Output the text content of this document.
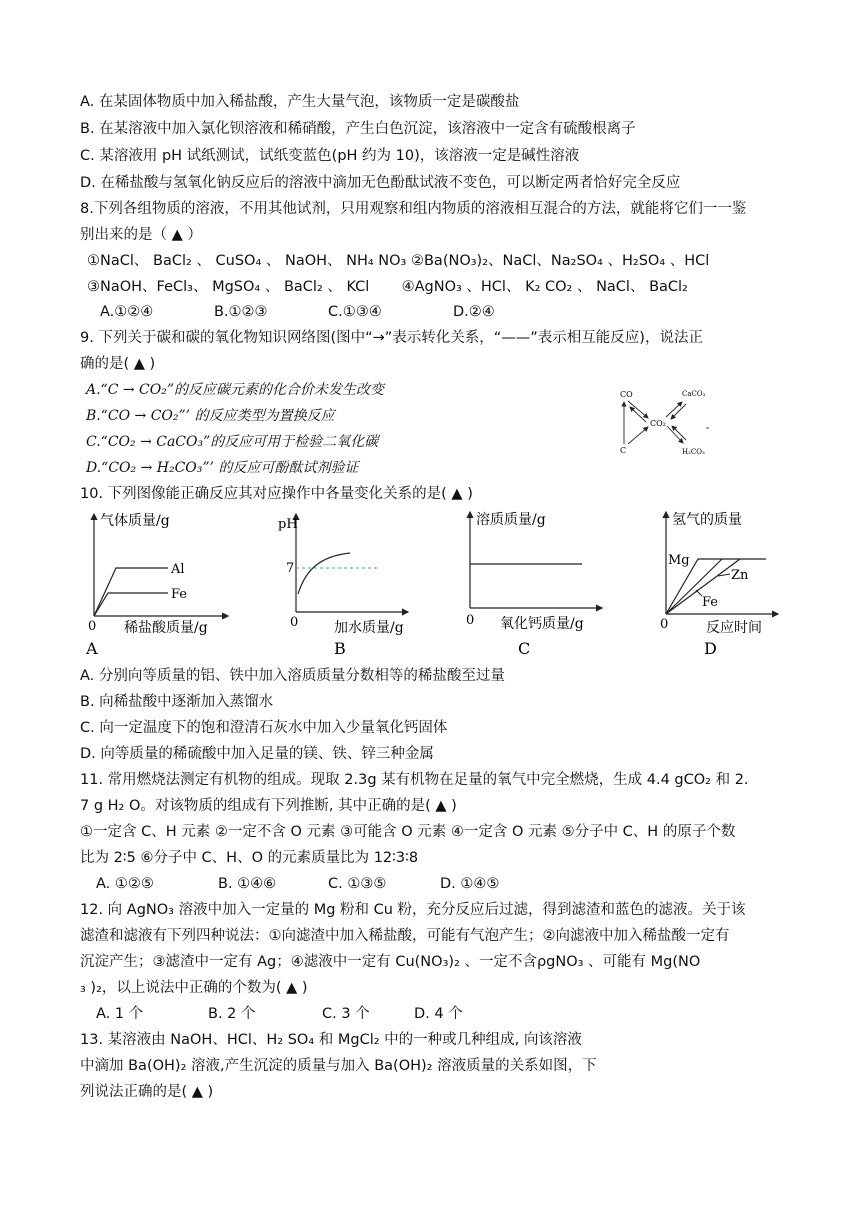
A. 在某固体物质中加入稀盐酸，产生大量气泡，该物质一定是碳酸盐
B. 在某溶液中加入氯化钡溶液和稀硝酸，产生白色沉淀，该溶液中一定含有硫酸根离子
C. 某溶液用 pH 试纸测试，试纸变蓝色(pH 约为 10)，该溶液一定是碱性溶液
D. 在稀盐酸与氢氧化钠反应后的溶液中滴加无色酚酞试液不变色，可以断定两者恰好完全反应
8.下列各组物质的溶液，不用其他试剂，只用观察和组内物质的溶液相互混合的方法，就能将它们一一鉴
别出来的是（ ▲ ）
①NaCl、 BaCl₂ 、 CuSO₄ 、 NaOH、 NH₄ NO₃ ②Ba(NO₃)₂、NaCl、Na₂SO₄ 、H₂SO₄ 、HCl
③NaOH、FeCl₃、 MgSO₄ 、 BaCl₂ 、 KCl       ④AgNO₃ 、HCl、 K₂ CO₂ 、 NaCl、 BaCl₂
A.①②④	B.①②③	C.①③④	D.②④
9. 下列关于碳和碳的氧化物知识网络图(图中“→”表示转化关系，“——”表示相互能反应)，说法正
确的是( ▲ )
A.“C → CO₂”的反应碳元素的化合价未发生改变
B.“CO → CO₂”’ 的反应类型为置换反应
C.“CO₂ → CaCO₃”的反应可用于检验二氧化碳
D.“CO₂ → H₂CO₃”’ 的反应可酚酞试剂验证
CO	CaCO₃
CO₂
C	H₂CO₃
10. 下列图像能正确反应其对应操作中各量变化关系的是( ▲ )
气体质量/g
Al
Fe
0 稀盐酸质量/g
A
pH
7
0	加水质量/g
B
溶质质量/g
0 氧化钙质量/g
C
氢气的质量
Mg
Zn
Fe
0	反应时间
D
A. 分别向等质量的铝、铁中加入溶质质量分数相等的稀盐酸至过量
B. 向稀盐酸中逐渐加入蒸馏水
C. 向一定温度下的饱和澄清石灰水中加入少量氧化钙固体
D. 向等质量的稀硫酸中加入足量的镁、铁、锌三种金属
11. 常用燃烧法测定有机物的组成。现取 2.3g 某有机物在足量的氧气中完全燃烧，生成 4.4 gCO₂ 和 2.
7 g H₂ O。对该物质的组成有下列推断, 其中正确的是( ▲ )
①一定含 C、H 元素 ②一定不含 O 元素 ③可能含 O 元素 ④一定含 O 元素 ⑤分子中 C、H 的原子个数
比为 2∶5 ⑥分子中 C、H、O 的元素质量比为 12∶3∶8
A. ①②⑤	B. ①④⑥	C. ①③⑤	D. ①④⑤
12. 向 AgNO₃ 溶液中加入一定量的 Mg 粉和 Cu 粉，充分反应后过滤，得到滤渣和蓝色的滤液。关于该
滤渣和滤液有下列四种说法：①向滤渣中加入稀盐酸，可能有气泡产生；②向滤液中加入稀盐酸一定有
沉淀产生；③滤渣中一定有 Ag；④滤液中一定有 Cu(NO₃)₂ 、一定不含ρgNO₃ 、可能有 Mg(NO
₃ )₂，以上说法中正确的个数为( ▲ )
A. 1 个	B. 2 个	C. 3 个	D. 4 个
13. 某溶液由 NaOH、HCl、H₂ SO₄ 和 MgCl₂ 中的一种或几种组成, 向该溶液
中滴加 Ba(OH)₂ 溶液,产生沉淀的质量与加入 Ba(OH)₂ 溶液质量的关系如图，下
列说法正确的是( ▲ )
